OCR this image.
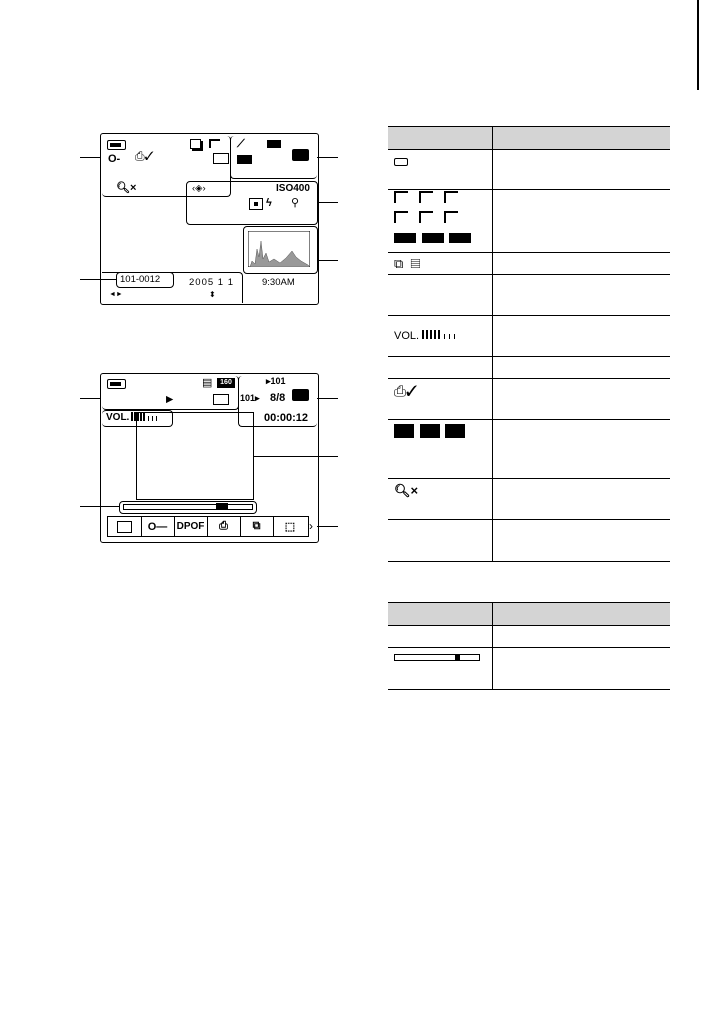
O- ⎙✓
🔍︎×
⟋
‹◈›	ISO400
ϟ ⚲
101-0012	2005 1 1	9:30AM
◄►	⬍
▤	160
▶
VOL.
▸101
101▸ 8/8
00:00:12
O— DPOF	⎙	⧉	⬚	›

⧉  ▤	

VOL.	

⎙✓	

🔍︎×	
